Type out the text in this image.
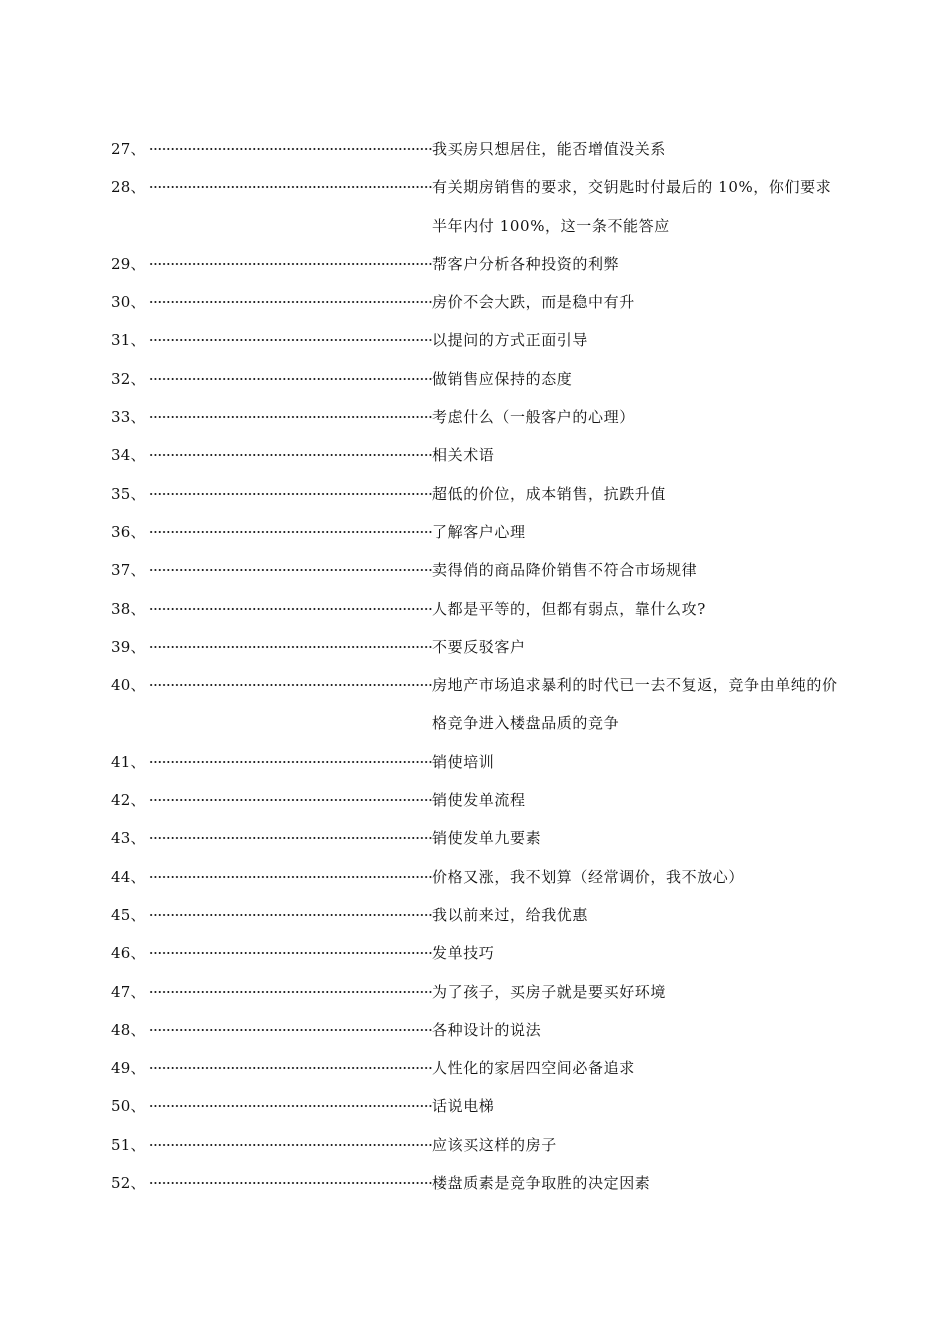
27、	我买房只想居住，能否增值没关系
28、	有关期房销售的要求，交钥匙时付最后的 10%，你们要求半年内付 100%，这一条不能答应
29、	帮客户分析各种投资的利弊
30、	房价不会大跌，而是稳中有升
31、	以提问的方式正面引导
32、	做销售应保持的态度
33、	考虑什么（一般客户的心理）
34、	相关术语
35、	超低的价位，成本销售，抗跌升值
36、	了解客户心理
37、	卖得俏的商品降价销售不符合市场规律
38、	人都是平等的，但都有弱点，靠什么攻?
39、	不要反驳客户
40、	房地产市场追求暴利的时代已一去不复返，竞争由单纯的价格竞争进入楼盘品质的竞争
41、	销使培训
42、	销使发单流程
43、	销使发单九要素
44、	价格又涨，我不划算（经常调价，我不放心）
45、	我以前来过，给我优惠
46、	发单技巧
47、	为了孩子，买房子就是要买好环境
48、	各种设计的说法
49、	人性化的家居四空间必备追求
50、	话说电梯
51、	应该买这样的房子
52、	楼盘质素是竞争取胜的决定因素
